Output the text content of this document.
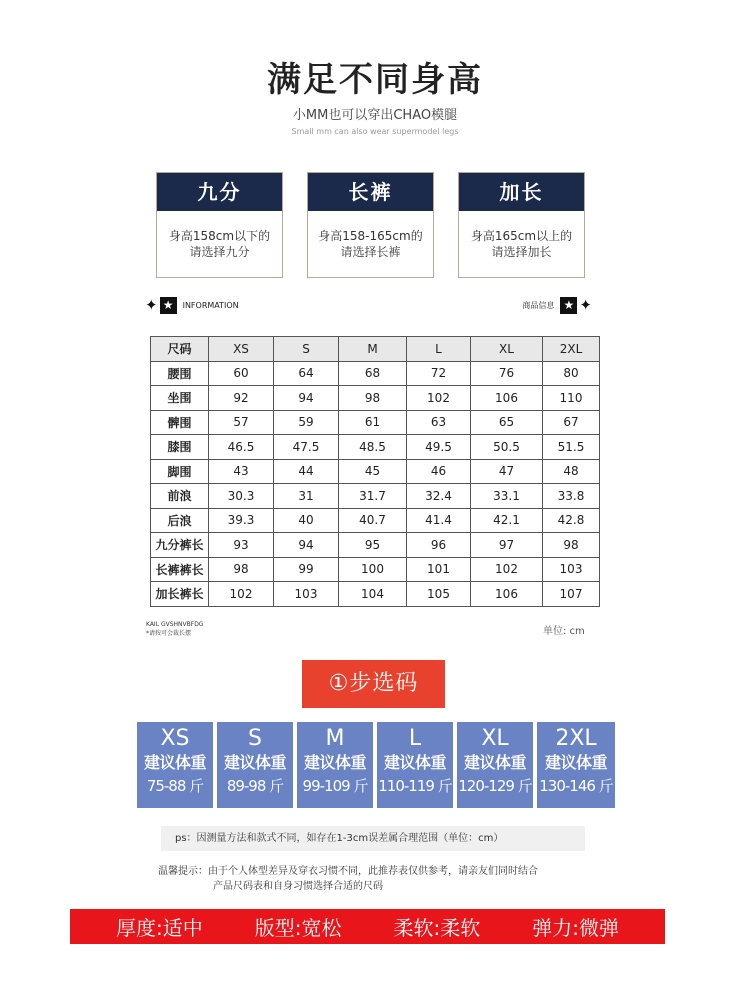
满足不同身高
小MM也可以穿出CHAO模腿
Small mm can also wear supermodel legs
九分
身高158cm以下的
请选择九分
长裤
身高158-165cm的
请选择长裤
加长
身高165cm以上的
请选择加长
✦ ★	INFORMATION	商品信息 ★ ✦
尺码	XS	S	M	L	XL	2XL
腰围	60	64	68	72	76	80
坐围	92	94	98	102	106	110
髀围	57	59	61	63	65	67
膝围	46.5	47.5	48.5	49.5	50.5	51.5
脚围	43	44	45	46	47	48
前浪	30.3	31	31.7	32.4	33.1	33.8
后浪	39.3	40	40.7	41.4	42.1	42.8
九分裤长	93	94	95	96	97	98
长裤裤长	98	99	100	101	102	103
加长裤长	102	103	104	105	106	107
KAIL GVSHNVBFDG
*请按可会裁长摆	单位: cm
①步选码
XS
建议体重
75-88 斤
S
建议体重
89-98 斤
M
建议体重
99-109 斤
L
建议体重
110-119 斤
XL
建议体重
120-129 斤
2XL
建议体重
130-146 斤
ps：因测量方法和款式不同，如存在1-3cm误差属合理范围（单位：cm）
温馨提示：由于个人体型差异及穿衣习惯不同，此推荐表仅供参考，请亲友们同时结合
产品尺码表和自身习惯选择合适的尺码
厚度:适中	版型:宽松	柔软:柔软	弹力:微弹
